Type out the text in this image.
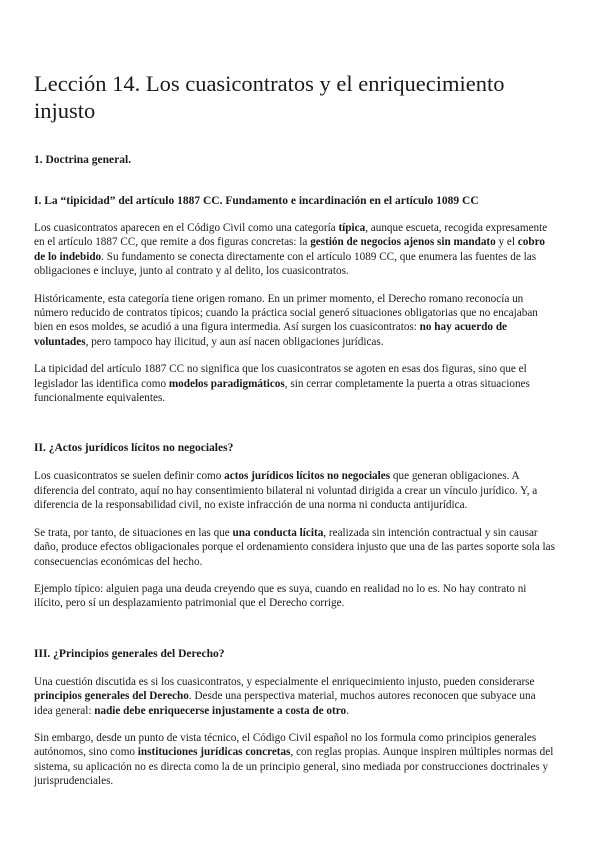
Lección 14. Los cuasicontratos y el enriquecimiento injusto
1. Doctrina general.
I. La “tipicidad” del artículo 1887 CC. Fundamento e incardinación en el artículo 1089 CC

Los cuasicontratos aparecen en el Código Civil como una categoría típica, aunque escueta, recogida expresamente en el artículo 1887 CC, que remite a dos figuras concretas: la gestión de negocios ajenos sin mandato y el cobro de lo indebido. Su fundamento se conecta directamente con el artículo 1089 CC, que enumera las fuentes de las obligaciones e incluye, junto al contrato y al delito, los cuasicontratos.

Históricamente, esta categoría tiene origen romano. En un primer momento, el Derecho romano reconocía un número reducido de contratos típicos; cuando la práctica social generó situaciones obligatorias que no encajaban bien en esos moldes, se acudió a una figura intermedia. Así surgen los cuasicontratos: no hay acuerdo de voluntades, pero tampoco hay ilicitud, y aun así nacen obligaciones jurídicas.

La tipicidad del artículo 1887 CC no significa que los cuasicontratos se agoten en esas dos figuras, sino que el legislador las identifica como modelos paradigmáticos, sin cerrar completamente la puerta a otras situaciones funcionalmente equivalentes.

II. ¿Actos jurídicos lícitos no negociales?

Los cuasicontratos se suelen definir como actos jurídicos lícitos no negociales que generan obligaciones. A diferencia del contrato, aquí no hay consentimiento bilateral ni voluntad dirigida a crear un vínculo jurídico. Y, a diferencia de la responsabilidad civil, no existe infracción de una norma ni conducta antijurídica.

Se trata, por tanto, de situaciones en las que una conducta lícita, realizada sin intención contractual y sin causar daño, produce efectos obligacionales porque el ordenamiento considera injusto que una de las partes soporte sola las consecuencias económicas del hecho.

Ejemplo típico: alguien paga una deuda creyendo que es suya, cuando en realidad no lo es. No hay contrato ni ilícito, pero sí un desplazamiento patrimonial que el Derecho corrige.

III. ¿Principios generales del Derecho?

Una cuestión discutida es si los cuasicontratos, y especialmente el enriquecimiento injusto, pueden considerarse principios generales del Derecho. Desde una perspectiva material, muchos autores reconocen que subyace una idea general: nadie debe enriquecerse injustamente a costa de otro.

Sin embargo, desde un punto de vista técnico, el Código Civil español no los formula como principios generales autónomos, sino como instituciones jurídicas concretas, con reglas propias. Aunque inspiren múltiples normas del sistema, su aplicación no es directa como la de un principio general, sino mediada por construcciones doctrinales y jurisprudenciales.
